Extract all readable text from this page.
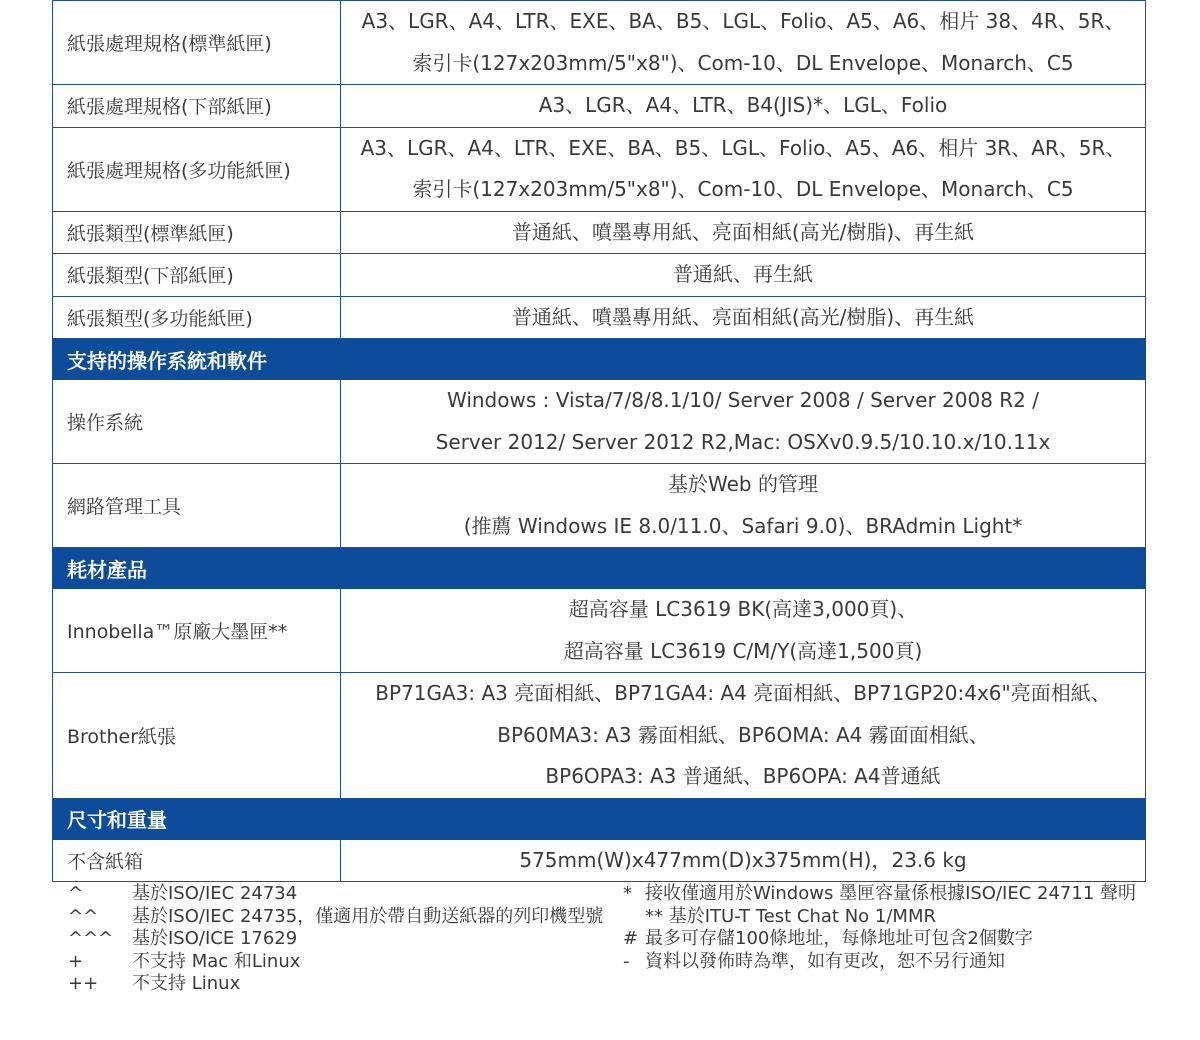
紙張處理規格(標準紙匣)	A3、LGR、A4、LTR、EXE、BA、B5、LGL、Folio、A5、A6、相片 38、4R、5R、
索引卡(127x203mm/5"x8")、Com-10、DL Envelope、Monarch、C5

紙張處理規格(下部紙匣)	A3、LGR、A4、LTR、B4(JIS)*、LGL、Folio

紙張處理規格(多功能紙匣)	A3、LGR、A4、LTR、EXE、BA、B5、LGL、Folio、A5、A6、相片 3R、AR、5R、
索引卡(127x203mm/5"x8")、Com-10、DL Envelope、Monarch、C5

紙張類型(標準紙匣)	普通紙、噴墨專用紙、亮面相紙(高光/樹脂)、再生紙

紙張類型(下部紙匣)	普通紙、再生紙

紙張類型(多功能紙匣)	普通紙、噴墨專用紙、亮面相紙(高光/樹脂)、再生紙

支持的操作系統和軟件	
操作系統	Windows : Vista/7/8/8.1/10/ Server 2008 / Server 2008 R2 /
Server 2012/ Server 2012 R2,Mac: OSXv0.9.5/10.10.x/10.11x

網路管理工具	基於Web 的管理
(推薦 Windows IE 8.0/11.0、Safari 9.0)、BRAdmin Light*

耗材產品	
Innobella™原廠大墨匣**	超高容量 LC3619 BK(高達3,000頁)、
超高容量 LC3619 C/M/Y(高達1,500頁)

Brother紙張	BP71GA3: A3 亮面相紙、BP71GA4: A4 亮面相紙、BP71GP20:4x6"亮面相紙、
BP60MA3: A3 霧面相紙、BP6OMA: A4 霧面面相紙、
BP6OPA3: A3 普通紙、BP6OPA: A4普通紙

尺寸和重量	
不含紙箱	575mm(W)x477mm(D)x375mm(H)，23.6 kg
^	基於ISO/IEC 24734
^^	基於ISO/IEC 24735，僅適用於帶自動送紙器的列印機型號
^^^	基於ISO/ICE 17629
+	不支持 Mac 和Linux
++	不支持 Linux
* 接收僅適用於Windows 墨匣容量係根據ISO/IEC 24711 聲明
** 基於ITU-T Test Chat No 1/MMR
# 最多可存儲100條地址，每條地址可包含2個數字
- 資料以發佈時為準，如有更改，恕不另行通知
